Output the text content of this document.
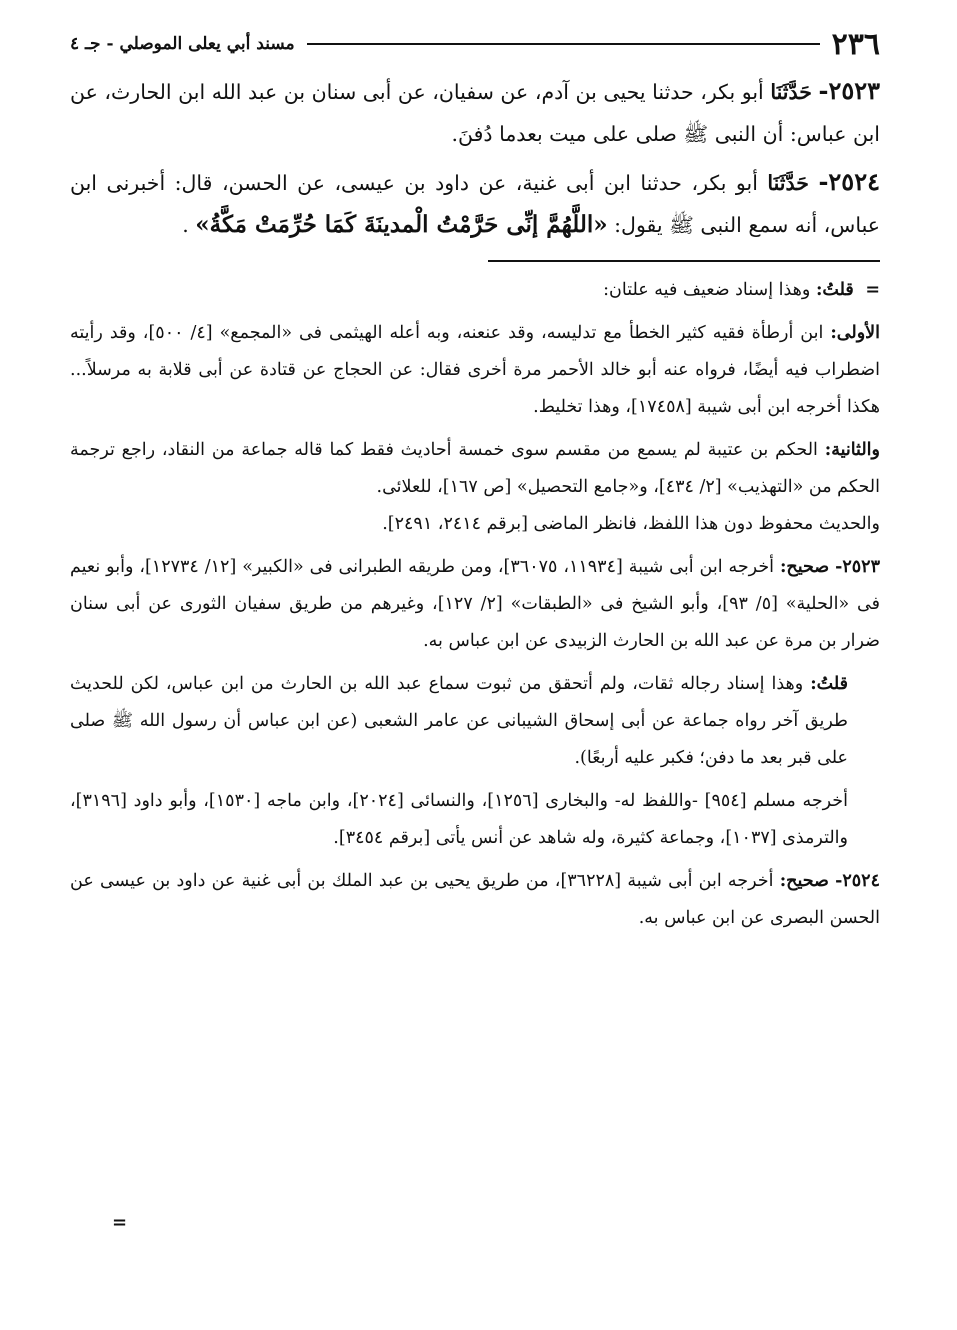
٢٣٦
مسند أبي يعلى الموصلي - جـ ٤

٢٥٢٣- حَدَّثَنَا أبو بكر، حدثنا يحيى بن آدم، عن سفيان، عن أبى سنان بن عبد الله ابن الحارث، عن ابن عباس: أن النبى ﷺ صلى على ميت بعدما دُفنَ.

٢٥٢٤- حَدَّثَنَا أبو بكر، حدثنا ابن أبى غنية، عن داود بن عيسى، عن الحسن، قال: أخبرنى ابن عباس، أنه سمع النبى ﷺ يقول: «اللَّهُمَّ إنِّى حَرَّمْتُ الْمدينَةَ كَمَا حُرِّمَتْ مَكَّةُ» .

= قلتُ: وهذا إسناد ضعيف فيه علتان:

الأولى: ابن أرطأة فقيه كثير الخطأ مع تدليسه، وقد عنعنه، وبه أعله الهيثمى فى «المجمع» [٤/ ٥٠٠]، وقد رأيته اضطراب فيه أيضًا، فرواه عنه أبو خالد الأحمر مرة أخرى فقال: عن الحجاج عن قتادة عن أبى قلابة به مرسلاً... هكذا أخرجه ابن أبى شيبة [١٧٤٥٨]، وهذا تخليط.

والثانية: الحكم بن عتيبة لم يسمع من مقسم سوى خمسة أحاديث فقط كما قاله جماعة من النقاد، راجع ترجمة الحكم من «التهذيب» [٢/ ٤٣٤]، و«جامع التحصيل» [ص ١٦٧]، للعلائى.
والحديث محفوظ دون هذا اللفظ، فانظر الماضى [برقم ٢٤١٤، ٢٤٩١].

٢٥٢٣- صحيح: أخرجه ابن أبى شيبة [١١٩٣٤، ٣٦٠٧٥]، ومن طريقه الطبرانى فى «الكبير» [١٢/ ١٢٧٣٤]، وأبو نعيم فى «الحلية» [٥/ ٩٣]، وأبو الشيخ فى «الطبقات» [٢/ ١٢٧]، وغيرهم من طريق سفيان الثورى عن أبى سنان ضرار بن مرة عن عبد الله بن الحارث الزبيدى عن ابن عباس به.

قلتُ: وهذا إسناد رجاله ثقات، ولم أتحقق من ثبوت سماع عبد الله بن الحارث من ابن عباس، لكن للحديث طريق آخر رواه جماعة عن أبى إسحاق الشيبانى عن عامر الشعبى (عن ابن عباس أن رسول الله ﷺ صلى على قبر بعد ما دفن؛ فكبر عليه أربعًا).

أخرجه مسلم [٩٥٤] -واللفظ له- والبخارى [١٢٥٦]، والنسائى [٢٠٢٤]، وابن ماجه [١٥٣٠]، وأبو داود [٣١٩٦]، والترمذى [١٠٣٧]، وجماعة كثيرة، وله شاهد عن أنس يأتى [برقم ٣٤٥٤].

٢٥٢٤- صحيح: أخرجه ابن أبى شيبة [٣٦٢٢٨]، من طريق يحيى بن عبد الملك بن أبى غنية عن داود بن عيسى عن الحسن البصرى عن ابن عباس به.

=
